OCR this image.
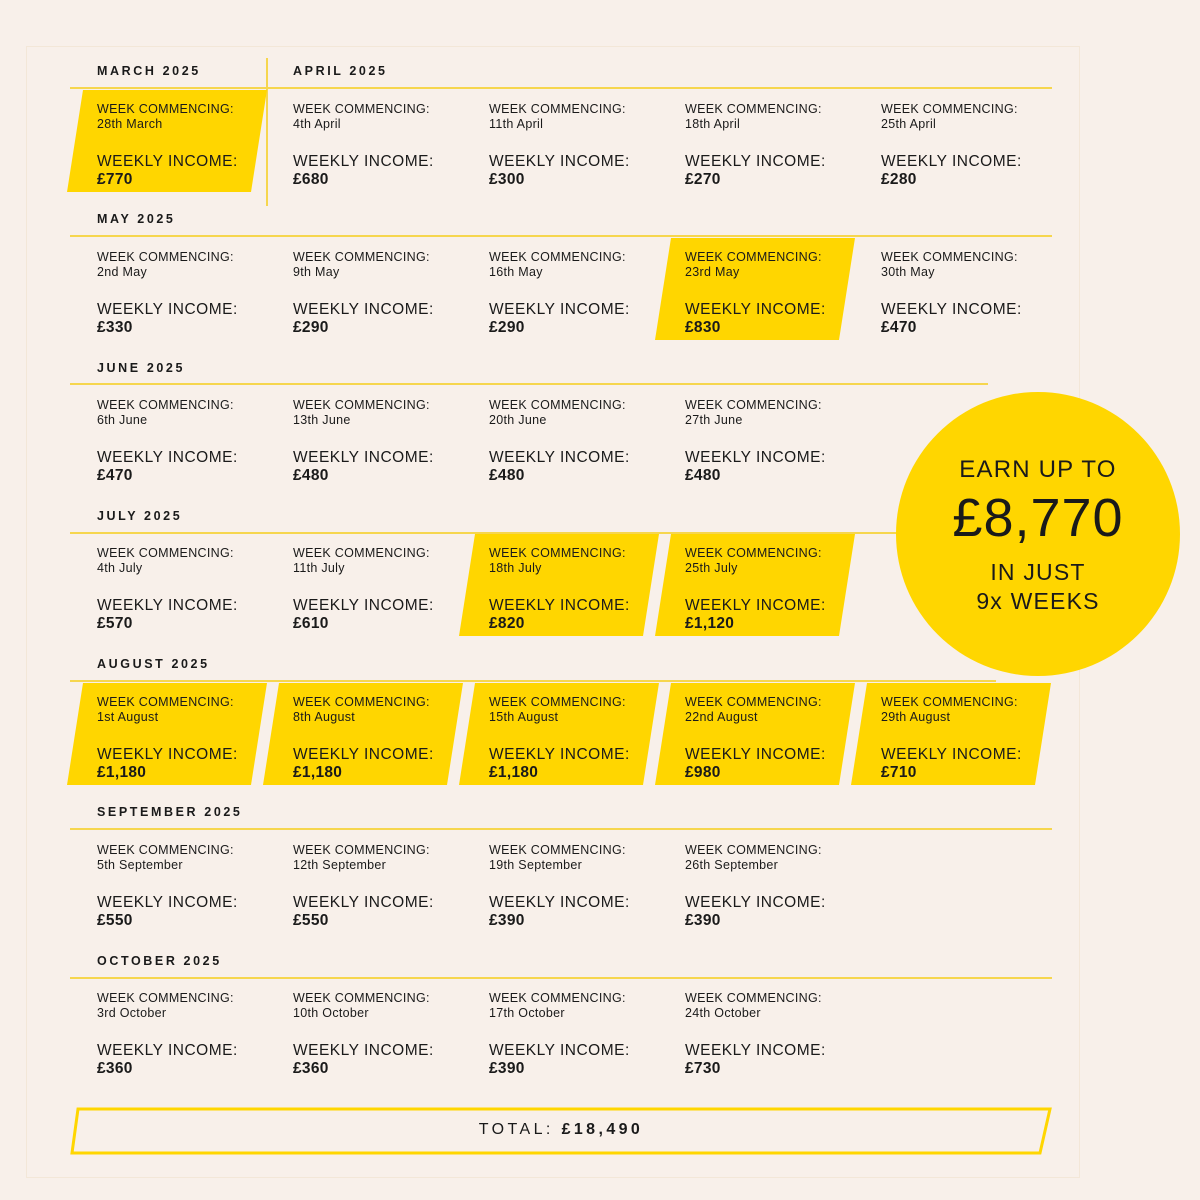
MARCH 2025	APRIL 2025
MAY 2025
JUNE 2025
JULY 2025
AUGUST 2025
SEPTEMBER 2025
OCTOBER 2025
WEEK COMMENCING:
28th March
WEEKLY INCOME:
£770
WEEK COMMENCING:
4th April
WEEKLY INCOME:
£680
WEEK COMMENCING:
11th April
WEEKLY INCOME:
£300
WEEK COMMENCING:
18th April
WEEKLY INCOME:
£270
WEEK COMMENCING:
25th April
WEEKLY INCOME:
£280
WEEK COMMENCING:
2nd May
WEEKLY INCOME:
£330
WEEK COMMENCING:
9th May
WEEKLY INCOME:
£290
WEEK COMMENCING:
16th May
WEEKLY INCOME:
£290
WEEK COMMENCING:
23rd May
WEEKLY INCOME:
£830
WEEK COMMENCING:
30th May
WEEKLY INCOME:
£470
WEEK COMMENCING:
6th June
WEEKLY INCOME:
£470
WEEK COMMENCING:
13th June
WEEKLY INCOME:
£480
WEEK COMMENCING:
20th June
WEEKLY INCOME:
£480
WEEK COMMENCING:
27th June
WEEKLY INCOME:
£480
WEEK COMMENCING:
4th July
WEEKLY INCOME:
£570
WEEK COMMENCING:
11th July
WEEKLY INCOME:
£610
WEEK COMMENCING:
18th July
WEEKLY INCOME:
£820
WEEK COMMENCING:
25th July
WEEKLY INCOME:
£1,120
WEEK COMMENCING:
1st August
WEEKLY INCOME:
£1,180
WEEK COMMENCING:
8th August
WEEKLY INCOME:
£1,180
WEEK COMMENCING:
15th August
WEEKLY INCOME:
£1,180
WEEK COMMENCING:
22nd August
WEEKLY INCOME:
£980
WEEK COMMENCING:
29th August
WEEKLY INCOME:
£710
WEEK COMMENCING:
5th September
WEEKLY INCOME:
£550
WEEK COMMENCING:
12th September
WEEKLY INCOME:
£550
WEEK COMMENCING:
19th September
WEEKLY INCOME:
£390
WEEK COMMENCING:
26th September
WEEKLY INCOME:
£390
WEEK COMMENCING:
3rd October
WEEKLY INCOME:
£360
WEEK COMMENCING:
10th October
WEEKLY INCOME:
£360
WEEK COMMENCING:
17th October
WEEKLY INCOME:
£390
WEEK COMMENCING:
24th October
WEEKLY INCOME:
£730
EARN UP TO
£8,770
IN JUST
9x WEEKS
TOTAL: £18,490
